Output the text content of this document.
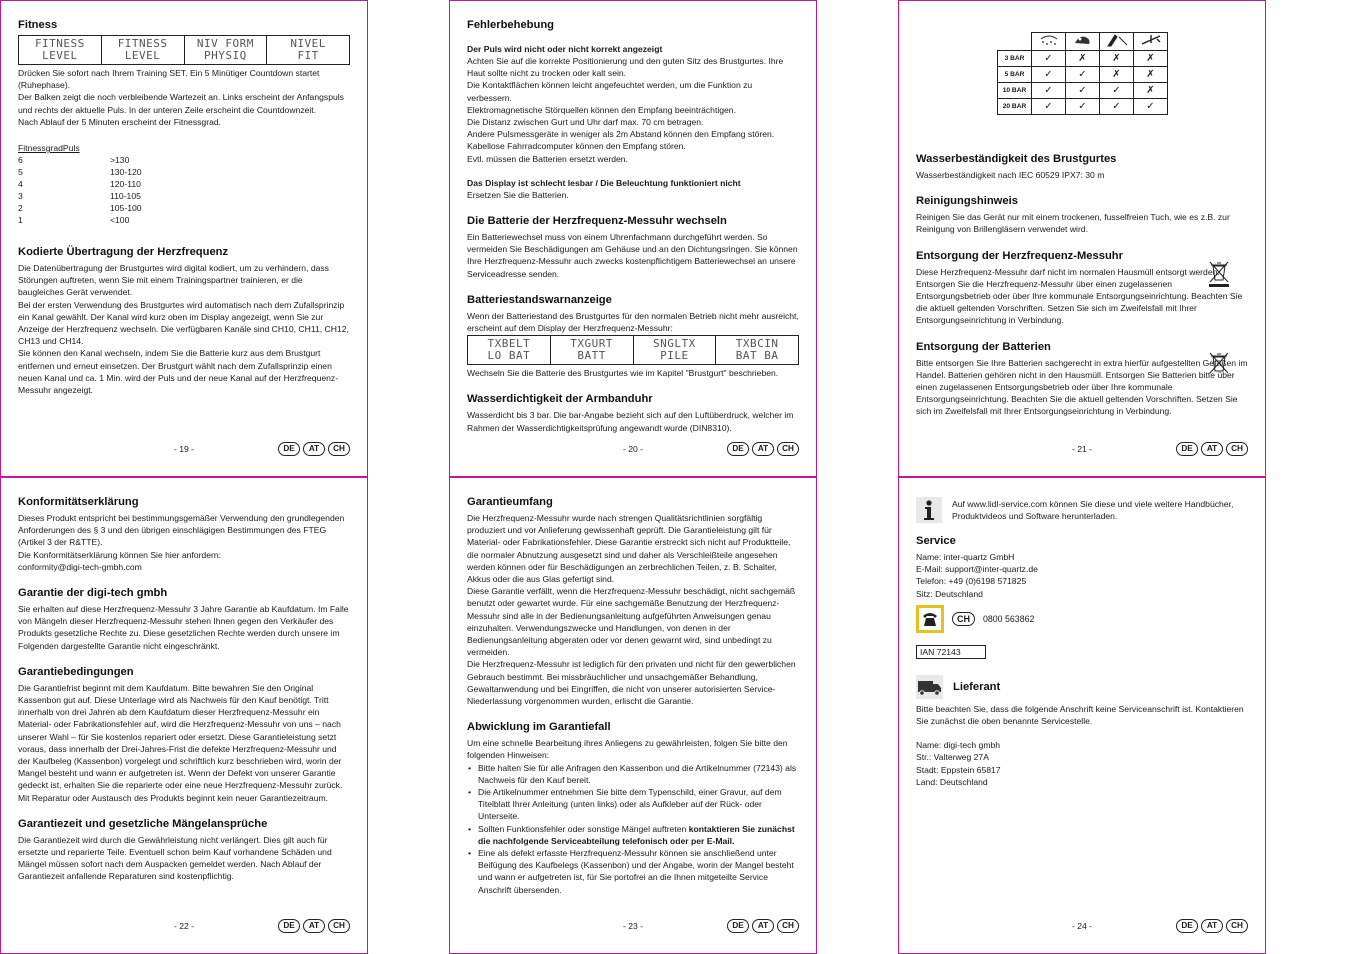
Fitness
FITNESS
LEVEL
FITNESS
LEVEL
NIV FORM
PHYSIQ
NIVEL
FIT

Drücken Sie sofort nach Ihrem Training SET. Ein 5 Minütiger Countdown startet (Ruhephase).
Der Balken zeigt die noch verbleibende Wartezeit an. Links erscheint der Anfangspuls und rechts der aktuelle Puls. In der unteren Zeile erscheint die Countdownzeit.
Nach Ablauf der 5 Minuten erscheint der Fitnessgrad.

Fitnessgrad Puls
6	>130
5	130-120
4	120-110
3	110-105
2	105-100
1	<100
Kodierte Übertragung der Herzfrequenz

Die Datenübertragung der Brustgurtes wird digital kodiert, um zu verhindern, dass Störungen auftreten, wenn Sie mit einem Trainingspartner trainieren, er die baugleiches Gerät verwendet.
Bei der ersten Verwendung des Brustgurtes wird automatisch nach dem Zufallsprinzip ein Kanal gewählt. Der Kanal wird kurz oben im Display angezeigt, wenn Sie zur Anzeige der Herzfrequenz wechseln. Die verfügbaren Kanäle sind CH10, CH11, CH12, CH13 und CH14.
Sie können den Kanal wechseln, indem Sie die Batterie kurz aus dem Brustgurt entfernen und erneut einsetzen. Der Brustgurt wählt nach dem Zufallsprinzip einen neuen Kanal und ca. 1 Min. wird der Puls und der neue Kanal auf der Herzfrequenz-Messuhr angezeigt.

- 19 -	DE	AT	CH
Fehlerbehebung
Der Puls wird nicht oder nicht korrekt angezeigt

Achten Sie auf die korrekte Positionierung und den guten Sitz des Brustgurtes. Ihre Haut sollte nicht zu trocken oder kalt sein.
Die Kontaktflächen können leicht angefeuchtet werden, um die Funktion zu verbessern.
Elektromagnetische Störquellen können den Empfang beeinträchtigen.
Die Distanz zwischen Gurt und Uhr darf max. 70 cm betragen.
Andere Pulsmessgeräte in weniger als 2m Abstand können den Empfang stören.
Kabellose Fahrradcomputer können den Empfang stören.
Evtl. müssen die Batterien ersetzt werden.

Das Display ist schlecht lesbar / Die Beleuchtung funktioniert nicht

Ersetzen Sie die Batterien.

Die Batterie der Herzfrequenz-Messuhr wechseln

Ein Batteriewechsel muss von einem Uhrenfachmann durchgeführt werden. So vermeiden Sie Beschädigungen am Gehäuse und an den Dichtungsringen. Sie können Ihre Herzfrequenz-Messuhr auch zwecks kostenpflichtigem Batteriewechsel an unsere Serviceadresse senden.

Batteriestandswarnanzeige

Wenn der Batteriestand des Brustgurtes für den normalen Betrieb nicht mehr ausreicht, erscheint auf dem Display der Herzfrequenz-Messuhr:

TXBELT
LO BAT
TXGURT
BATT
SNGLTX
PILE
TXBCIN
BAT BA

Wechseln Sie die Batterie des Brustgurtes wie im Kapitel "Brustgurt" beschrieben.

Wasserdichtigkeit der Armbanduhr

Wasserdicht bis 3 bar. Die bar-Angabe bezieht sich auf den Luftüberdruck, welcher im Rahmen der Wasserdichtigkeitsprüfung angewandt wurde (DIN8310).

- 20 -	DE	AT	CH

3 BAR	✓	✗	✗	✗
5 BAR	✓	✓	✗	✗
10 BAR	✓	✓	✓	✗
20 BAR	✓	✓	✓	✓
Wasserbeständigkeit des Brustgurtes

Wasserbeständigkeit nach IEC 60529 IPX7: 30 m

Reinigungshinweis

Reinigen Sie das Gerät nur mit einem trockenen, fusselfreien Tuch, wie es z.B. zur Reinigung von Brillengläsern verwendet wird.

Entsorgung der Herzfrequenz-Messuhr

Diese Herzfrequenz-Messuhr darf nicht im normalen Hausmüll entsorgt werden. Entsorgen Sie die Herzfrequenz-Messuhr über einen zugelassenen Entsorgungsbetrieb oder über Ihre kommunale Entsorgungseinrichtung. Beachten Sie die aktuell geltenden Vorschriften. Setzen Sie sich im Zweifelsfall mit Ihrer Entsorgungseinrichtung in Verbindung.

Entsorgung der Batterien

Bitte entsorgen Sie Ihre Batterien sachgerecht in extra hierfür aufgestellten Gefäßen im Handel. Batterien gehören nicht in den Hausmüll. Entsorgen Sie Batterien bitte über einen zugelassenen Entsorgungsbetrieb oder über Ihre kommunale Entsorgungseinrichtung. Beachten Sie die aktuell geltenden Vorschriften. Setzen Sie sich im Zweifelsfall mit Ihrer Entsorgungseinrichtung in Verbindung.

- 21 -	DE	AT	CH
Konformitätserklärung

Dieses Produkt entspricht bei bestimmungsgemäßer Verwendung den grundlegenden Anforderungen des § 3 und den übrigen einschlägigen Bestimmungen des FTEG (Artikel 3 der R&TTE).
Die Konformitätserklärung können Sie hier anfordern:
conformity@digi-tech-gmbh.com

Garantie der digi-tech gmbh

Sie erhalten auf diese Herzfrequenz-Messuhr 3 Jahre Garantie ab Kaufdatum. Im Falle von Mängeln dieser Herzfrequenz-Messuhr stehen Ihnen gegen den Verkäufer des Produkts gesetzliche Rechte zu. Diese gesetzlichen Rechte werden durch unsere im Folgenden dargestellte Garantie nicht eingeschränkt.

Garantiebedingungen

Die Garantiefrist beginnt mit dem Kaufdatum. Bitte bewahren Sie den Original Kassenbon gut auf. Diese Unterlage wird als Nachweis für den Kauf benötigt. Tritt innerhalb von drei Jahren ab dem Kaufdatum dieser Herzfrequenz-Messuhr ein Material- oder Fabrikationsfehler auf, wird die Herzfrequenz-Messuhr von uns – nach unserer Wahl – für Sie kostenlos repariert oder ersetzt. Diese Garantieleistung setzt voraus, dass innerhalb der Drei-Jahres-Frist die defekte Herzfrequenz-Messuhr und der Kaufbeleg (Kassenbon) vorgelegt und schriftlich kurz beschrieben wird, worin der Mangel besteht und wann er aufgetreten ist. Wenn der Defekt von unserer Garantie gedeckt ist, erhalten Sie die reparierte oder eine neue Herzfrequenz-Messuhr zurück. Mit Reparatur oder Austausch des Produkts beginnt kein neuer Garantiezeitraum.

Garantiezeit und gesetzliche Mängelansprüche

Die Garantiezeit wird durch die Gewährleistung nicht verlängert. Dies gilt auch für ersetzte und reparierte Teile. Eventuell schon beim Kauf vorhandene Schäden und Mängel müssen sofort nach dem Auspacken gemeldet werden. Nach Ablauf der Garantiezeit anfallende Reparaturen sind kostenpflichtig.

- 22 -	DE	AT	CH
Garantieumfang

Die Herzfrequenz-Messuhr wurde nach strengen Qualitätsrichtlinien sorgfältig produziert und vor Anlieferung gewissenhaft geprüft. Die Garantieleistung gilt für Material- oder Fabrikationsfehler. Diese Garantie erstreckt sich nicht auf Produktteile, die normaler Abnutzung ausgesetzt sind und daher als Verschleißteile angesehen werden können oder für Beschädigungen an zerbrechlichen Teilen, z. B. Schalter, Akkus oder die aus Glas gefertigt sind.
Diese Garantie verfällt, wenn die Herzfrequenz-Messuhr beschädigt, nicht sachgemäß benutzt oder gewartet wurde. Für eine sachgemäße Benutzung der Herzfrequenz-Messuhr sind alle in der Bedienungsanleitung aufgeführten Anweisungen genau einzuhalten. Verwendungszwecke und Handlungen, von denen in der Bedienungsanleitung abgeraten oder vor denen gewarnt wird, sind unbedingt zu vermeiden.
Die Herzfrequenz-Messuhr ist lediglich für den privaten und nicht für den gewerblichen Gebrauch bestimmt. Bei missbräuchlicher und unsachgemäßer Behandlung, Gewaltanwendung und bei Eingriffen, die nicht von unserer autorisierten Service-Niederlassung vorgenommen wurden, erlischt die Garantie.

Abwicklung im Garantiefall

Um eine schnelle Bearbeitung ihres Anliegens zu gewährleisten, folgen Sie bitte den folgenden Hinweisen:

• Bitte halten Sie für alle Anfragen den Kassenbon und die Artikelnummer (72143) als Nachweis für den Kauf bereit.
• Die Artikelnummer entnehmen Sie bitte dem Typenschild, einer Gravur, auf dem Titelblatt Ihrer Anleitung (unten links) oder als Aufkleber auf der Rück- oder Unterseite.
• Sollten Funktionsfehler oder sonstige Mängel auftreten kontaktieren Sie zunächst die nachfolgende Serviceabteilung telefonisch oder per E-Mail.
• Eine als defekt erfasste Herzfrequenz-Messuhr können sie anschließend unter Beifügung des Kaufbelegs (Kassenbon) und der Angabe, worin der Mangel besteht und wann er aufgetreten ist, für Sie portofrei an die Ihnen mitgeteilte Service Anschrift übersenden.
- 23 -	DE	AT	CH

Auf www.lidl-service.com können Sie diese und viele weitere Handbücher, Produktvideos und Software herunterladen.

Service

Name: inter-quartz GmbH
E-Mail: support@inter-quartz.de
Telefon: +49 (0)6198 571825
Sitz: Deutschland

CH	0800 563862
IAN 72143
Lieferant

Bitte beachten Sie, dass die folgende Anschrift keine Serviceanschrift ist. Kontaktieren Sie zunächst die oben benannte Servicestelle.

Name: digi-tech gmbh
Str.: Valterweg 27A
Stadt: Eppstein 65817
Land: Deutschland

- 24 -	DE	AT	CH
